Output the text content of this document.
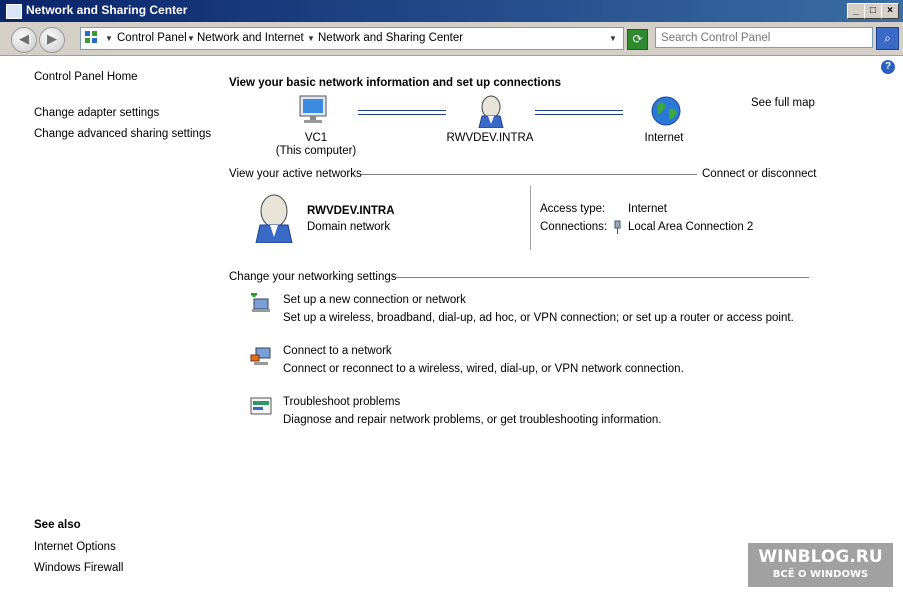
Network and Sharing Center	_	□	×
◀	▶	▼ Control Panel ▼ Network and Internet ▼ Network and Sharing Center	▼	⟳
Search Control Panel	⌕
?
Control Panel Home
Change adapter settings
Change advanced sharing settings
See also
Internet Options
Windows Firewall
View your basic network information and set up connections
See full map
VC1
(This computer)
RWVDEV.INTRA	Internet
View your active networks	Connect or disconnect
RWVDEV.INTRA
Domain network
Access type: Internet
Connections: Local Area Connection 2
Change your networking settings
Set up a new connection or network
Set up a wireless, broadband, dial-up, ad hoc, or VPN connection; or set up a router or access point.
Connect to a network
Connect or reconnect to a wireless, wired, dial-up, or VPN network connection.
Troubleshoot problems
Diagnose and repair network problems, or get troubleshooting information.
WINBLOG.RU
ВСЁ О WINDOWS
